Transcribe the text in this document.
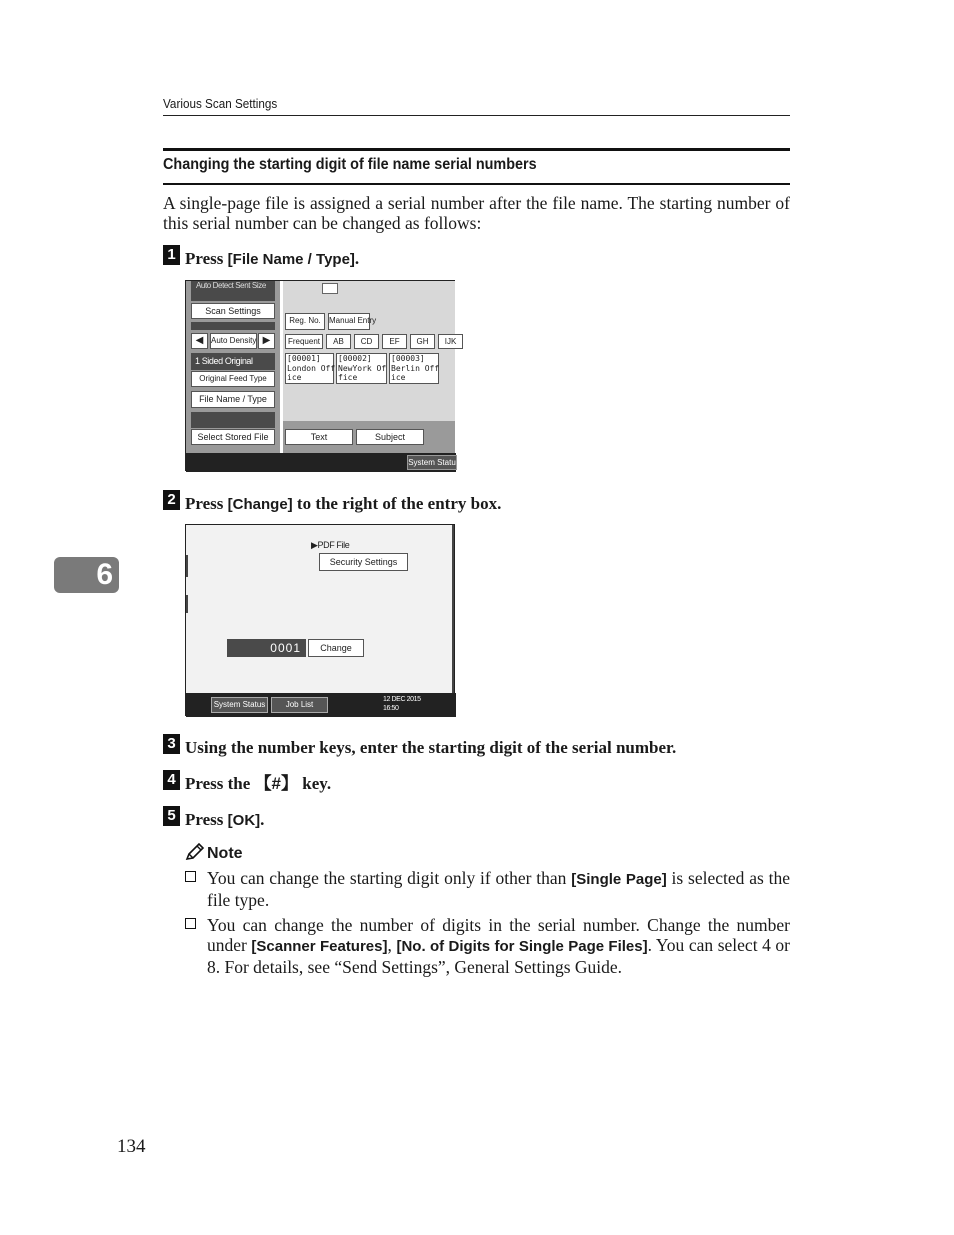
Various Scan Settings
Changing the starting digit of file name serial numbers
A single-page file is assigned a serial number after the file name. The starting number of this serial number can be changed as follows:
1 Press [File Name / Type].
Auto Detect Sent Size
Scan Settings
◀ Auto Density ▶
1 Sided Original
Original Feed Type
File Name / Type
Select Stored File
Reg. No.	Manual Entry
Frequent	AB	CD	EF	GH	IJK
[00001]
London Off
ice
[00002]
NewYork Of
fice
[00003]
Berlin Off
ice
Text	Subject
System Statu
2 Press [Change] to the right of the entry box.
▶PDF File
Security Settings
0001	Change
System Status	Job List
12 DEC 2015
16:50
6
3 Using the number keys, enter the starting digit of the serial number.
4 Press the 【#】 key.
5 Press [OK].
Note
You can change the starting digit only if other than [Single Page] is selected as the file type.
You can change the number of digits in the serial number. Change the number under [Scanner Features], [No. of Digits for Single Page Files]. You can select 4 or 8. For details, see “Send Settings”, General Settings Guide.
134
